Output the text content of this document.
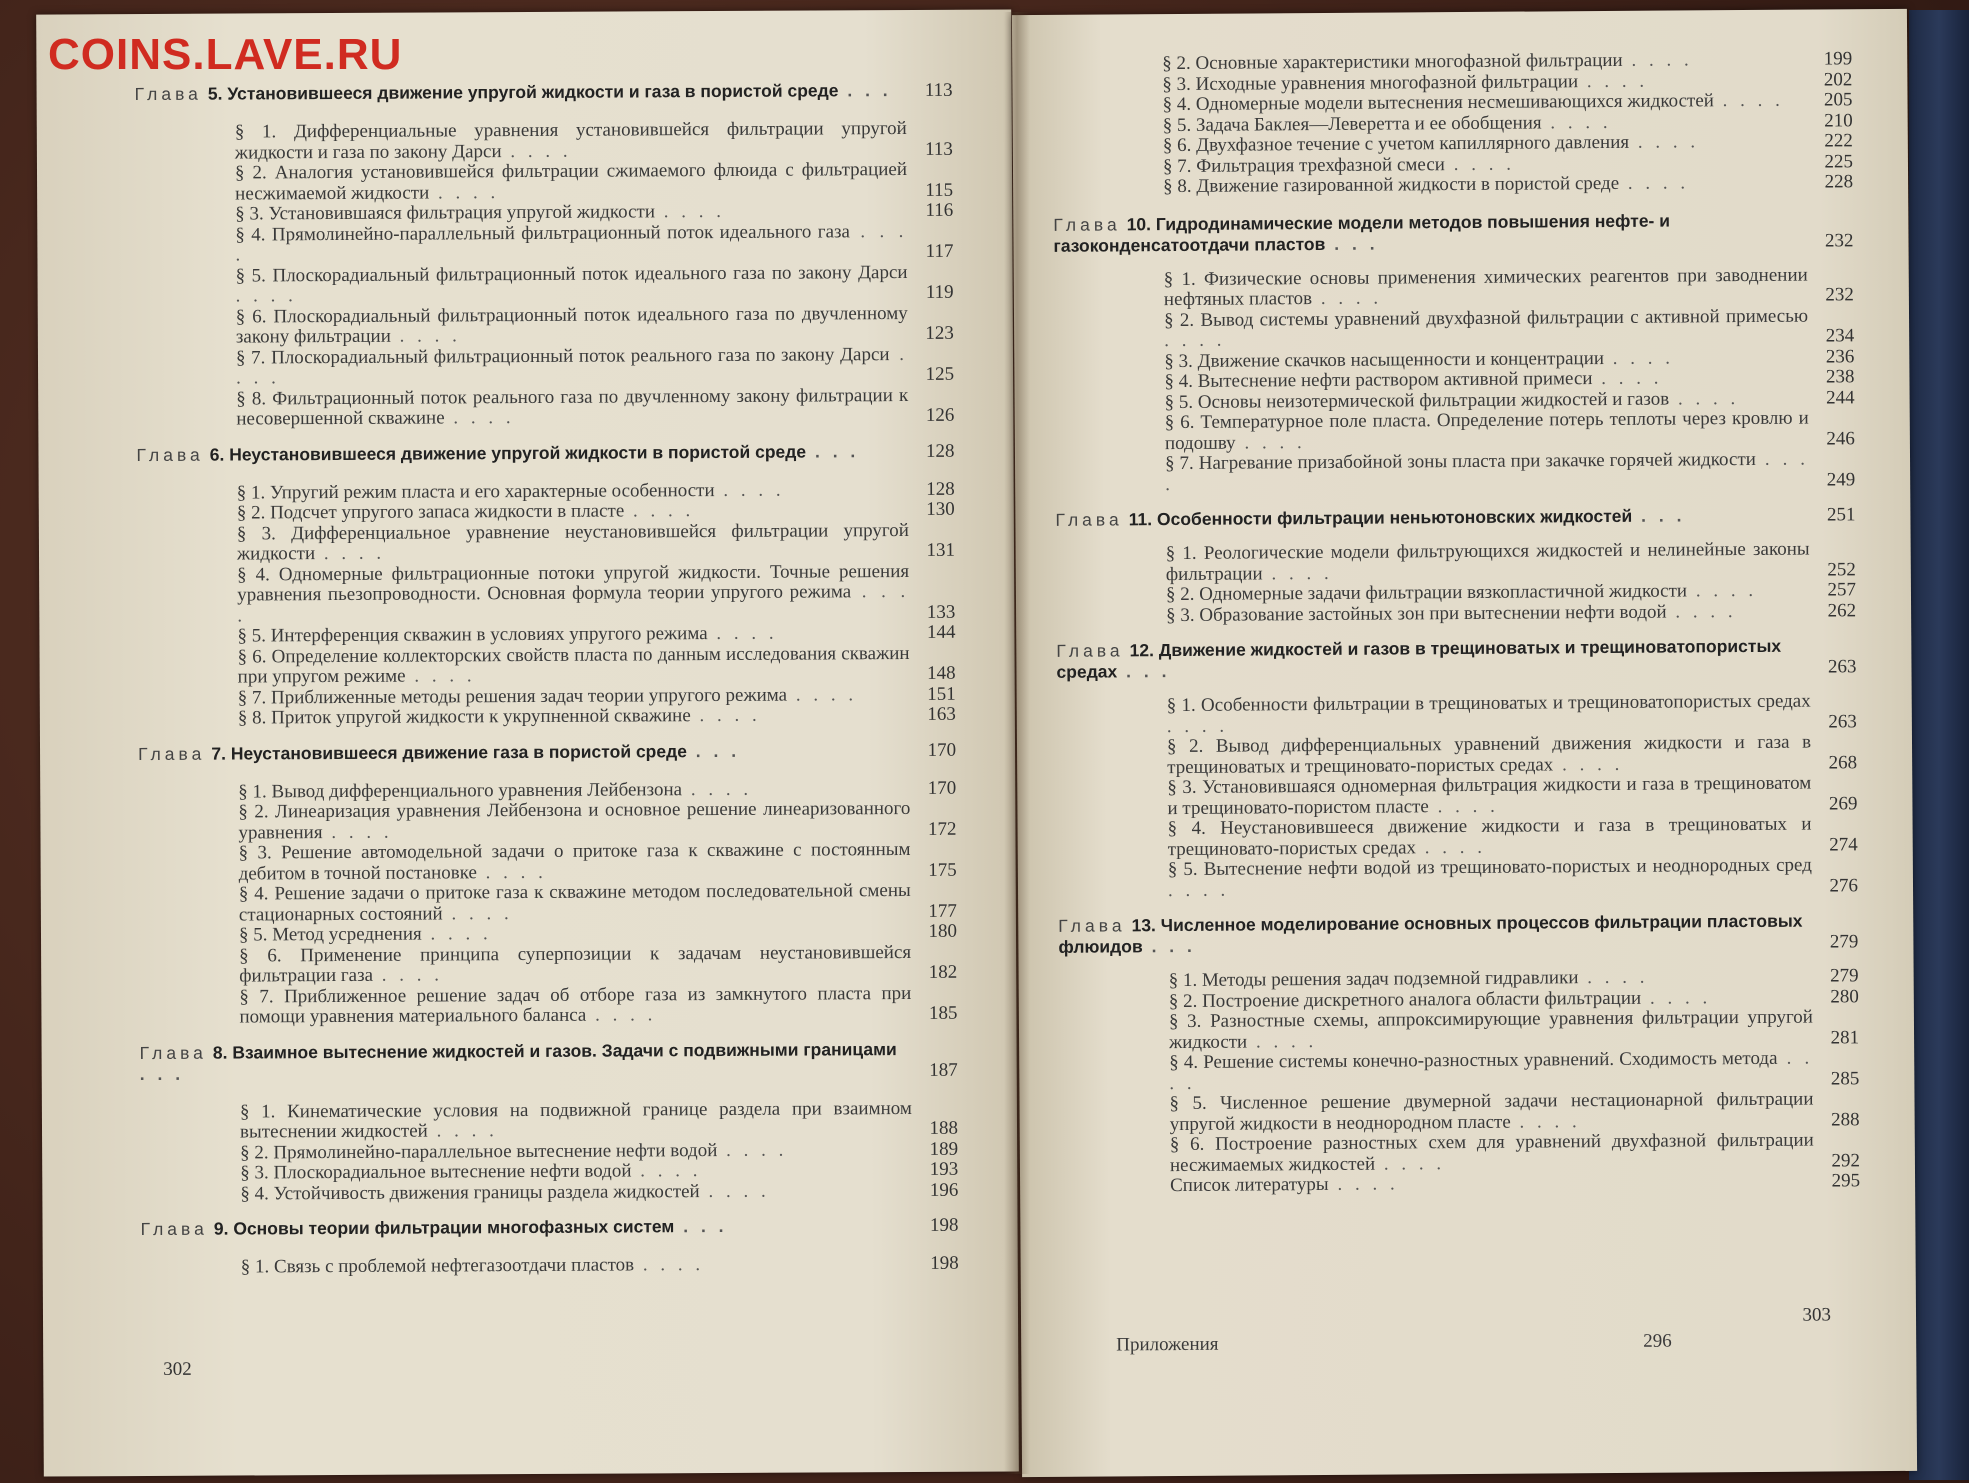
COINS.LAVE.RU
Глава 5. Установившееся движение упругой жидкости и газа в пористой среде . . . 113
§ 1. Дифференциальные уравнения установившейся фильтрации упругой жидкости и газа по закону Дарси . . . .	113
§ 2. Аналогия установившейся фильтрации сжимаемого флюида с фильтрацией несжимаемой жидкости . . . .	115
§ 3. Установившаяся фильтрация упругой жидкости . . . .	116
§ 4. Прямолинейно-параллельный фильтрационный поток идеального газа . . . .	117
§ 5. Плоскорадиальный фильтрационный поток идеального газа по закону Дарси . . . .	119
§ 6. Плоскорадиальный фильтрационный поток идеального газа по двучленному закону фильтрации . . . .	123
§ 7. Плоскорадиальный фильтрационный поток реального газа по закону Дарси . . . .	125
§ 8. Фильтрационный поток реального газа по двучленному закону фильтрации к несовершенной скважине . . . .	126
Глава 6. Неустановившееся движение упругой жидкости в пористой среде . . .	128
§ 1. Упругий режим пласта и его характерные особенности . . . .	128
§ 2. Подсчет упругого запаса жидкости в пласте . . . .	130
§ 3. Дифференциальное уравнение неустановившейся фильтрации упругой жидкости . . . .	131
§ 4. Одномерные фильтрационные потоки упругой жидкости. Точные решения уравнения пьезопроводности. Основная формула теории упругого режима . . . .	133
§ 5. Интерференция скважин в условиях упругого режима . . . .	144
§ 6. Определение коллекторских свойств пласта по данным исследования скважин при упругом режиме . . . .	148
§ 7. Приближенные методы решения задач теории упругого режима . . . .	151
§ 8. Приток упругой жидкости к укрупненной скважине . . . .	163
Глава 7. Неустановившееся движение газа в пористой среде . . .	170
§ 1. Вывод дифференциального уравнения Лейбензона . . . .	170
§ 2. Линеаризация уравнения Лейбензона и основное решение линеаризованного уравнения . . . .	172
§ 3. Решение автомодельной задачи о притоке газа к скважине с постоянным дебитом в точной постановке . . . .	175
§ 4. Решение задачи о притоке газа к скважине методом последовательной смены стационарных состояний . . . .	177
§ 5. Метод усреднения . . . .	180
§ 6. Применение принципа суперпозиции к задачам неустановившейся фильтрации газа . . . .	182
§ 7. Приближенное решение задач об отборе газа из замкнутого пласта при помощи уравнения материального баланса . . . .	185
Глава 8. Взаимное вытеснение жидкостей и газов. Задачи с подвижными границами . . .	187
§ 1. Кинематические условия на подвижной границе раздела при взаимном вытеснении жидкостей . . . .	188
§ 2. Прямолинейно-параллельное вытеснение нефти водой . . . .	189
§ 3. Плоскорадиальное вытеснение нефти водой . . . .	193
§ 4. Устойчивость движения границы раздела жидкостей . . . .	196
Глава 9. Основы теории фильтрации многофазных систем . . .	198
§ 1. Связь с проблемой нефтегазоотдачи пластов . . . .	198
302
§ 2. Основные характеристики многофазной фильтрации . . . .	199
§ 3. Исходные уравнения многофазной фильтрации . . . .	202
§ 4. Одномерные модели вытеснения несмешивающихся жидкостей . . . . 205
§ 5. Задача Баклея—Леверетта и ее обобщения . . . .	210
§ 6. Двухфазное течение с учетом капиллярного давления . . . .	222
§ 7. Фильтрация трехфазной смеси . . . .	225
§ 8. Движение газированной жидкости в пористой среде . . . .	228
Глава 10. Гидродинамические модели методов повышения нефте- и газоконденсатоотдачи пластов . . .	232
§ 1. Физические основы применения химических реагентов при заводнении нефтяных пластов . . . .	232
§ 2. Вывод системы уравнений двухфазной фильтрации с активной примесью . . . .	234
§ 3. Движение скачков насыщенности и концентрации . . . .	236
§ 4. Вытеснение нефти раствором активной примеси . . . .	238
§ 5. Основы неизотермической фильтрации жидкостей и газов . . . .	244
§ 6. Температурное поле пласта. Определение потерь теплоты через кровлю и подошву . . . .	246
§ 7. Нагревание призабойной зоны пласта при закачке горячей жидкости . . . .	249
Глава 11. Особенности фильтрации неньютоновских жидкостей . . .	251
§ 1. Реологические модели фильтрующихся жидкостей и нелинейные законы фильтрации . . . .	252
§ 2. Одномерные задачи фильтрации вязкопластичной жидкости . . . .	257
§ 3. Образование застойных зон при вытеснении нефти водой . . . .	262
Глава 12. Движение жидкостей и газов в трещиноватых и трещиноватопористых средах . . .	263
§ 1. Особенности фильтрации в трещиноватых и трещиноватопористых средах . . . .	263
§ 2. Вывод дифференциальных уравнений движения жидкости и газа в трещиноватых и трещиновато-пористых средах . . . .	268
§ 3. Установившаяся одномерная фильтрация жидкости и газа в трещиноватом и трещиновато-пористом пласте . . . .	269
§ 4. Неустановившееся движение жидкости и газа в трещиноватых и трещиновато-пористых средах . . . .	274
§ 5. Вытеснение нефти водой из трещиновато-пористых и неоднородных сред . . . .	276
Глава 13. Численное моделирование основных процессов фильтрации пластовых флюидов . . .	279
§ 1. Методы решения задач подземной гидравлики . . . .	279
§ 2. Построение дискретного аналога области фильтрации . . . .	280
§ 3. Разностные схемы, аппроксимирующие уравнения фильтрации упругой жидкости . . . .	281
§ 4. Решение системы конечно-разностных уравнений. Сходимость метода . . . .	285
§ 5. Численное решение двумерной задачи нестационарной фильтрации упругой жидкости в неоднородном пласте . . . .	288
§ 6. Построение разностных схем для уравнений двухфазной фильтрации несжимаемых жидкостей . . . .	292
Список литературы . . . .	295
Приложения	296
303
